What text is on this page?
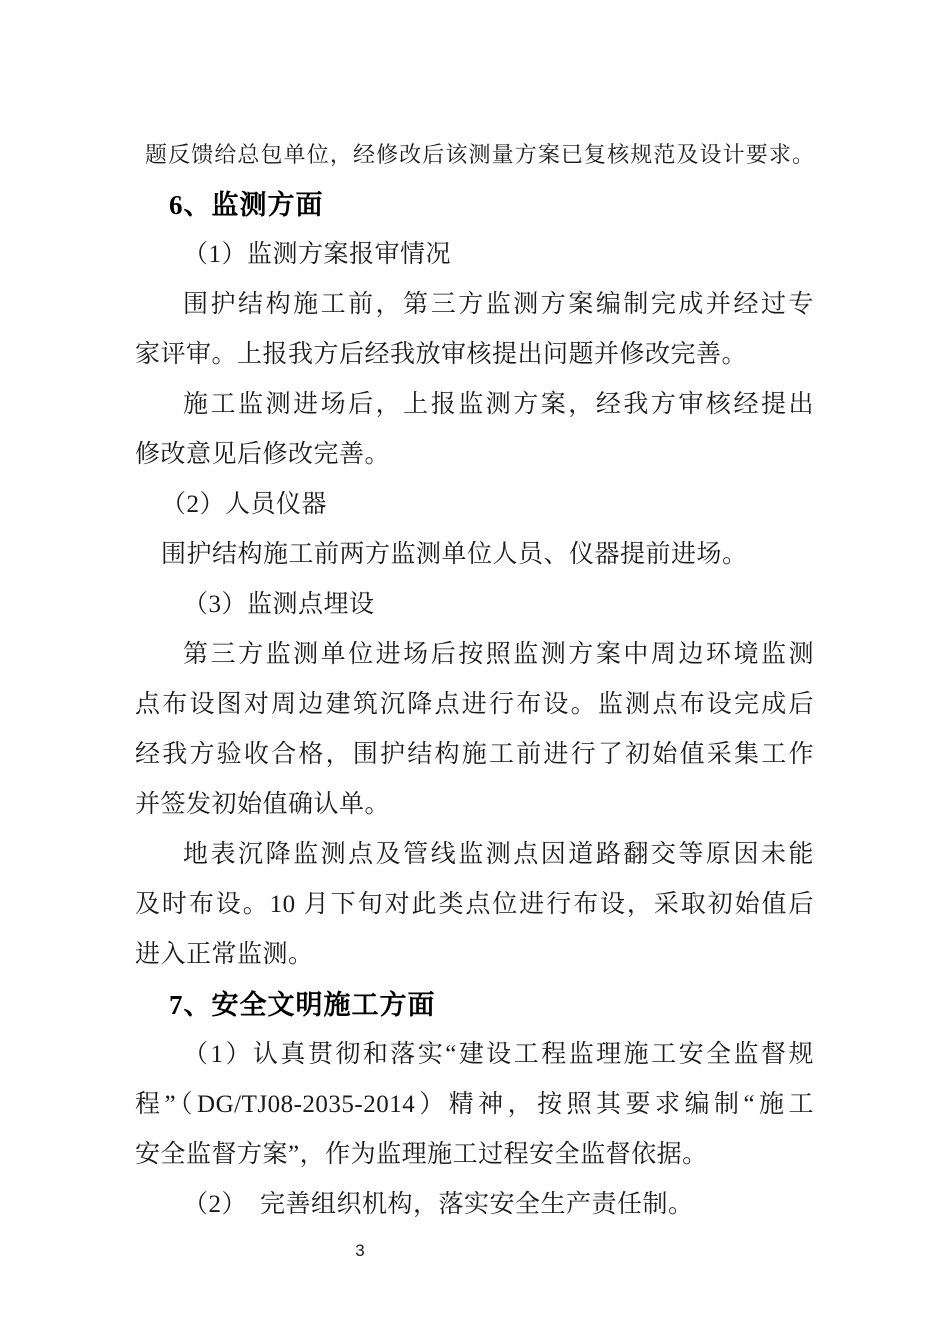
题反馈给总包单位，经修改后该测量方案已复核规范及设计要求。
6、监测方面
（1）监测方案报审情况
围护结构施工前，第三方监测方案编制完成并经过专
家评审。上报我方后经我放审核提出问题并修改完善。
施工监测进场后，上报监测方案，经我方审核经提出
修改意见后修改完善。
（2）人员仪器
围护结构施工前两方监测单位人员、仪器提前进场。
（3）监测点埋设
第三方监测单位进场后按照监测方案中周边环境监测
点布设图对周边建筑沉降点进行布设。监测点布设完成后
经我方验收合格，围护结构施工前进行了初始值采集工作
并签发初始值确认单。
地表沉降监测点及管线监测点因道路翻交等原因未能
及时布设。10 月下旬对此类点位进行布设，采取初始值后
进入正常监测。
7、安全文明施工方面
（1）认真贯彻和落实“建设工程监理施工安全监督规
程”（DG/TJ08-2035-2014）精神，按照其要求编制“施工
安全监督方案”，作为监理施工过程安全监督依据。
（2）　完善组织机构，落实安全生产责任制。
3
